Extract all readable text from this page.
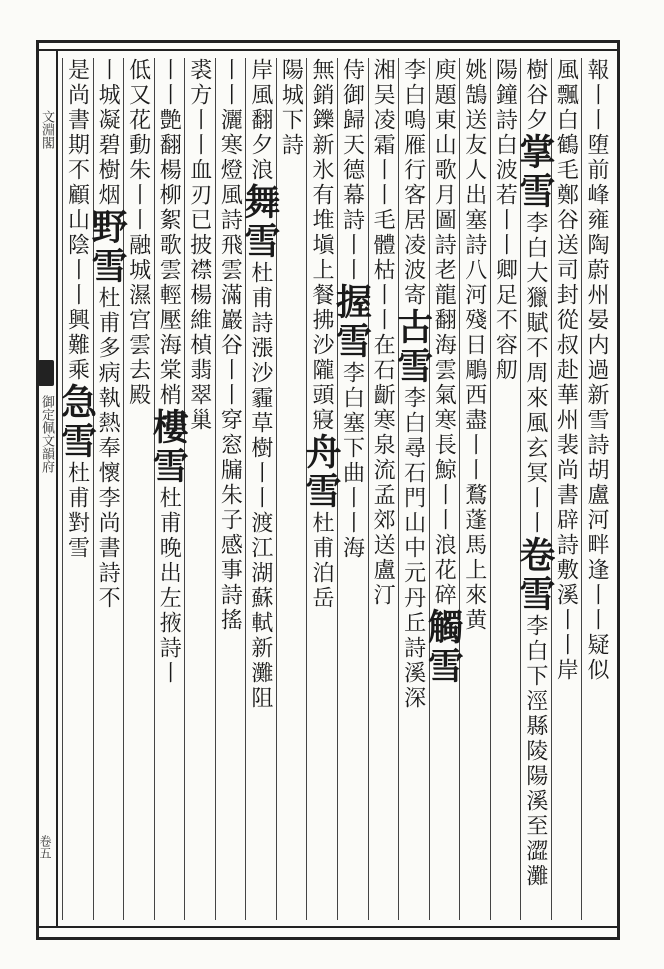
文淵閣
御定佩文韻府
卷五
報丨丨堕前峰雍陶蔚州晏内過新雪詩胡盧河畔逢丨丨疑似
風飄白鶴毛鄭谷送司封從叔赴華州裴尚書辟詩敷溪丨丨岸
樹谷夕掌雪李白大獵賦不周來風玄冥丨丨卷雪李白下涇縣陵陽溪至澀灘
陽鐘詩白波若丨丨卿足不容舠
姚鵠送友人出塞詩八河殘日鵰西盡丨丨鶩蓬馬上來黄
庾題東山歌月圖詩老龍翻海雲氣寒長鯨丨丨浪花碎觸雪
李白鳴雁行客居凌波寄古雪李白尋石門山中元丹丘詩溪深
湘吴凌霜丨丨毛體枯丨丨在石齗寒泉流孟郊送盧汀
侍御歸天德幕詩丨丨握雪李白塞下曲丨丨海
無銷鑠新氷有堆塡上餐拂沙隴頭寢舟雪杜甫泊岳
陽城下詩
岸風翻夕浪舞雪杜甫詩漲沙霾草樹丨丨渡江湖蘇軾新灘阻
丨丨灑寒燈風詩飛雲滿巖谷丨丨穿窓牖朱子感事詩搖
裘方丨丨血刃已披襟楊維楨翡翠巢
丨丨艶翻楊柳絮歌雲輕壓海棠梢樓雪杜甫晚出左掖詩丨
低又花動朱丨丨融城濕宫雲去殿
丨城凝碧樹烟野雪杜甫多病執熱奉懷李尚書詩不
是尚書期不顧山陰丨丨興難乘急雪杜甫對雪
